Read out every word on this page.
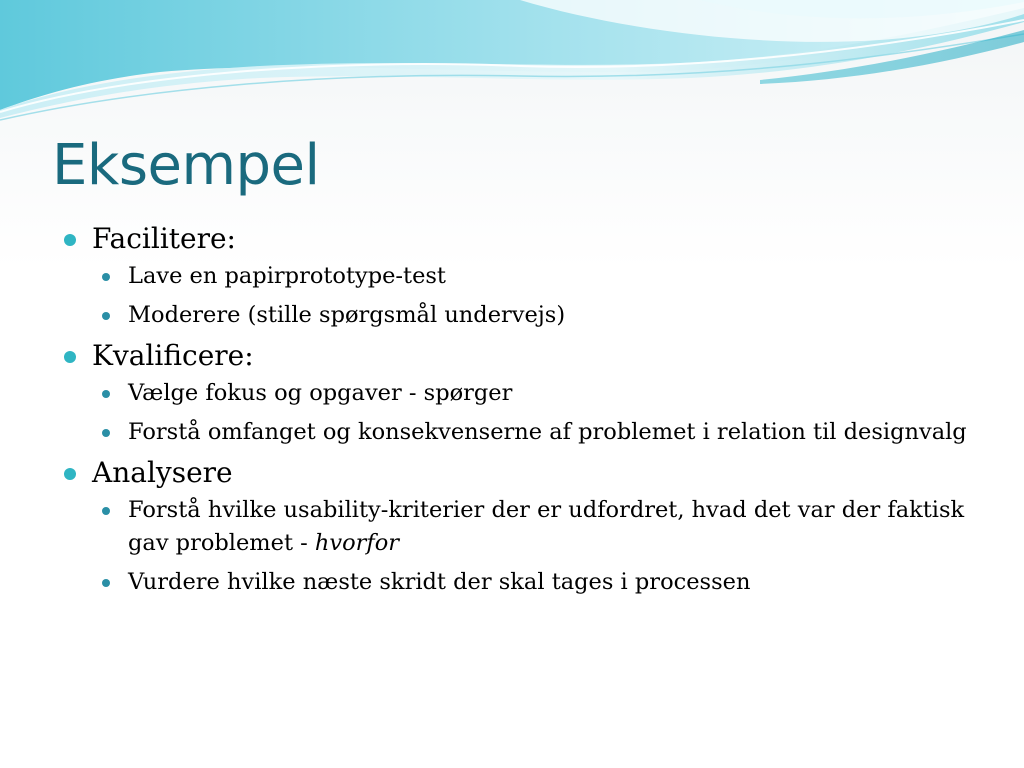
Eksempel
Facilitere:
Lave en papirprototype-test
Moderere (stille spørgsmål undervejs)
Kvalificere:
Vælge fokus og opgaver - spørger
Forstå omfanget og konsekvenserne af problemet i relation til designvalg
Analysere
Forstå hvilke usability-kriterier der er udfordret, hvad det var der faktisk gav problemet - hvorfor
Vurdere hvilke næste skridt der skal tages i processen
